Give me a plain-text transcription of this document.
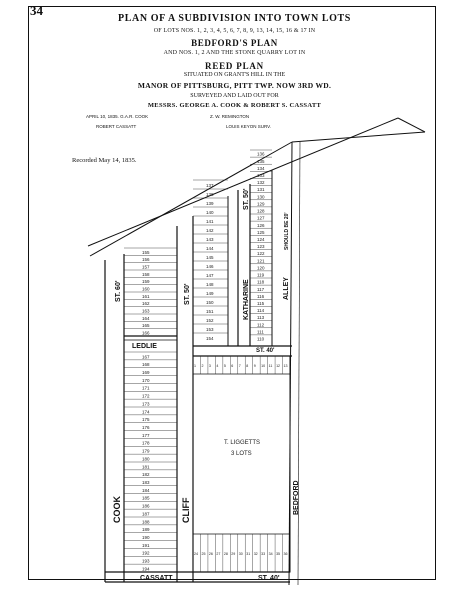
34
PLAN OF A SUBDIVISION INTO TOWN LOTS
OF LOTS NOS. 1, 2, 3, 4, 5, 6, 7, 8, 9, 13, 14, 15, 16 & 17 IN
BEDFORD'S PLAN
AND NOS. 1, 2 AND THE STONE QUARRY LOT IN
REED PLAN
SITUATED ON GRANT'S HILL IN THE
MANOR OF PITTSBURG, PITT TWP. NOW 3RD WD.
SURVEYED AND LAID OUT FOR
MESSRS. GEORGE A. COOK & ROBERT S. CASSATT
APRIL 10, 1835. G.A.R. COOK
ROBERT CASSATT
Z. W. REMINGTON
LOUIS KEYON SURV.
Recorded May 14, 1835.
155
156
157
158
159
160
161
162
163
164
165
166
167
168
169
170
171
172
173
174
175
176
177
178
179
180
181
182
183
184
185
186
187
188
189
190
191
192
193
194
137
138
139
140
141
142
143
144
145
146
147
148
149
150
151
152
153
154
136
135
134
133
132
131
130
129
128
127
126
125
124
123
122
121
120
119
118
117
116
115
114
113
112
111
110
1 2 3 4 5 6 7 8 9 10 11 12 13
24 25 26 27 28 29 30 31 32 33 34 35 36
COOK
ST. 60'
CLIFF
ST. 50'	KATHARINE
ST. 50'
ALLEY
SHOULD BE 20'
LEDLIE
ST. 40'
BEDFORD
CASSATT	ST. 40'
T. LIGGETTS
3 LOTS
